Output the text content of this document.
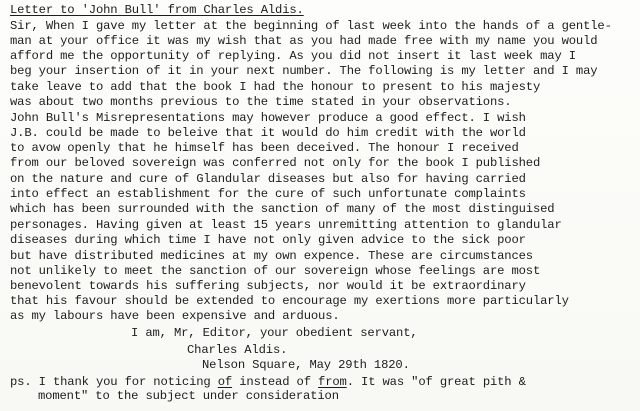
Letter to 'John Bull' from Charles Aldis.

Sir, When I gave my letter at the beginning of last week into the hands of a gentle-

man at your office it was my wish that as you had made free with my name you would

afford me the opportunity of replying. As you did not insert it last week may I

beg your insertion of it in your next number. The following is my letter and I may

take leave to add that the book I had the honour to present to his majesty

was about two months previous to the time stated in your observations.

John Bull's Misrepresentations may however produce a good effect. I wish

J.B. could be made to beleive that it would do him credit with the world

to avow openly that he himself has been deceived. The honour I received

from our beloved sovereign was conferred not only for the book I published

on the nature and cure of Glandular diseases but also for having carried

into effect an establishment for the cure of such unfortunate complaints

which has been surrounded with the sanction of many of the most distinguised

personages. Having given at least 15 years unremitting attention to glandular

diseases during which time I have not only given advice to the sick poor

but have distributed medicines at my own expence. These are circumstances

not unlikely to meet the sanction of our sovereign whose feelings are most

benevolent towards his suffering subjects, nor would it be extraordinary

that his favour should be extended to encourage my exertions more particularly

as my labours have been expensive and arduous.

I am, Mr, Editor, your obedient servant,

Charles Aldis.

Nelson Square, May 29th 1820.

ps. I thank you for noticing of instead of from. It was "of great pith &

moment" to the subject under consideration
